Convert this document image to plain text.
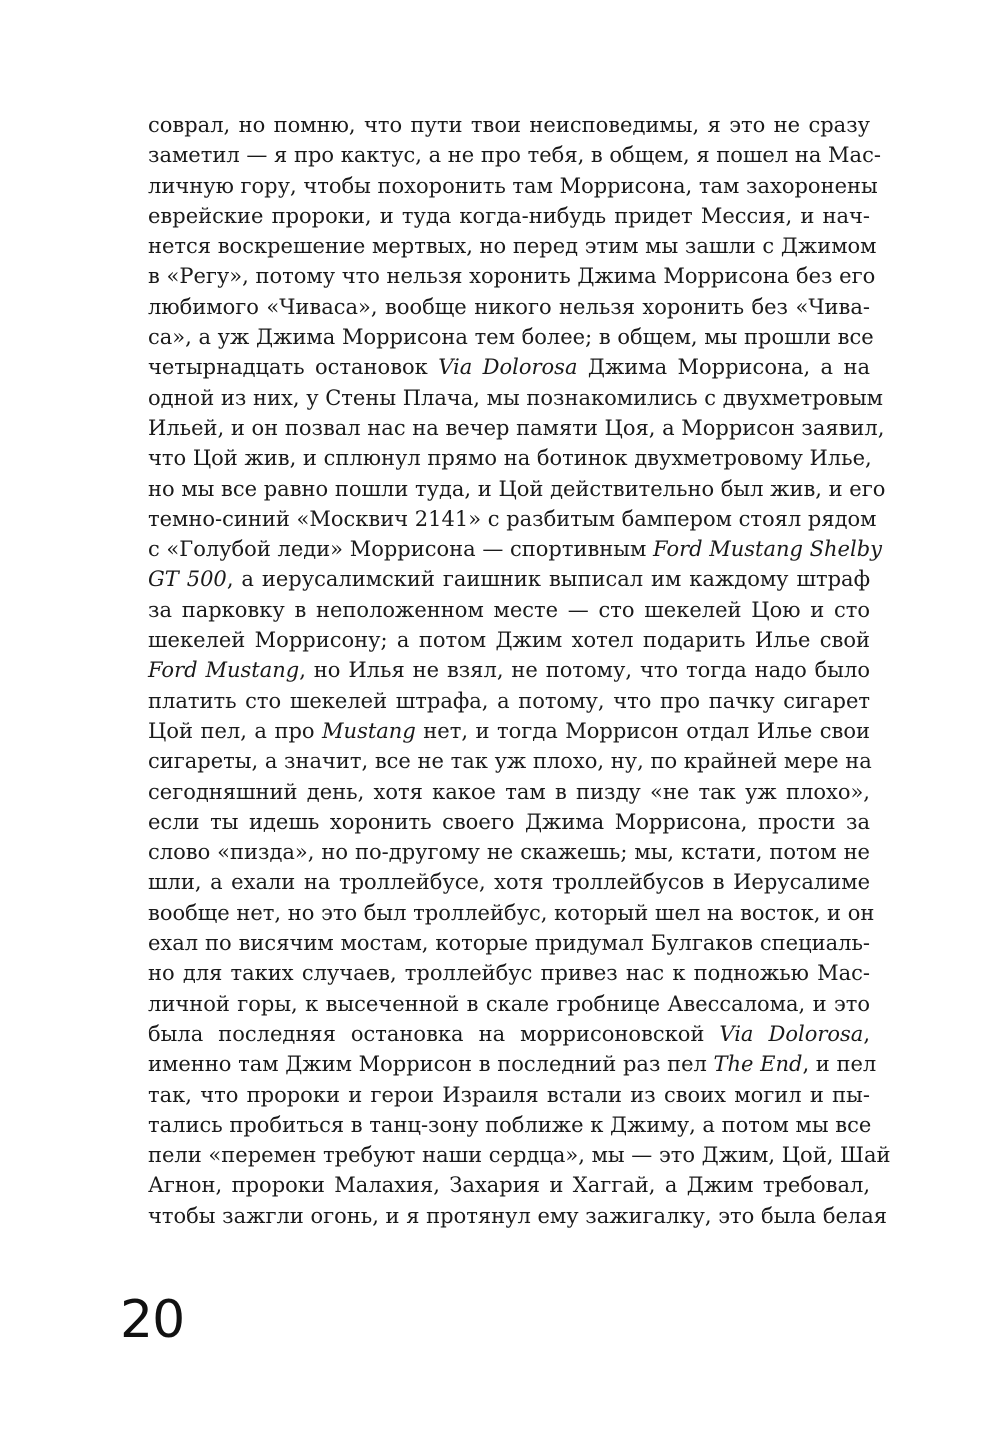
соврал, но помню, что пути твои неисповедимы, я это не сразу
заметил — я про кактус, а не про тебя, в общем, я пошел на Мас-
личную гору, чтобы похоронить там Моррисона, там захоронены
еврейские пророки, и туда когда-нибудь придет Мессия, и нач-
нется воскрешение мертвых, но перед этим мы зашли с Джимом
в «Регу», потому что нельзя хоронить Джима Моррисона без его
любимого «Чиваса», вообще никого нельзя хоронить без «Чива-
са», а уж Джима Моррисона тем более; в общем, мы прошли все
четырнадцать остановок Via Dolorosa Джима Моррисона, а на
одной из них, у Стены Плача, мы познакомились с двухметровым
Ильей, и он позвал нас на вечер памяти Цоя, а Моррисон заявил,
что Цой жив, и сплюнул прямо на ботинок двухметровому Илье,
но мы все равно пошли туда, и Цой действительно был жив, и его
темно-синий «Москвич 2141» с разбитым бампером стоял рядом
с «Голубой леди» Моррисона — спортивным Ford Mustang Shelby
GT 500, а иерусалимский гаишник выписал им каждому штраф
за парковку в неположенном месте — сто шекелей Цою и сто
шекелей Моррисону; а потом Джим хотел подарить Илье свой
Ford Mustang, но Илья не взял, не потому, что тогда надо было
платить сто шекелей штрафа, а потому, что про пачку сигарет
Цой пел, а про Mustang нет, и тогда Моррисон отдал Илье свои
сигареты, а значит, все не так уж плохо, ну, по крайней мере на
сегодняшний день, хотя какое там в пизду «не так уж плохо»,
если ты идешь хоронить своего Джима Моррисона, прости за
слово «пизда», но по-другому не скажешь; мы, кстати, потом не
шли, а ехали на троллейбусе, хотя троллейбусов в Иерусалиме
вообще нет, но это был троллейбус, который шел на восток, и он
ехал по висячим мостам, которые придумал Булгаков специаль-
но для таких случаев, троллейбус привез нас к подножью Мас-
личной горы, к высеченной в скале гробнице Авессалома, и это
была последняя остановка на моррисоновской Via Dolorosa,
именно там Джим Моррисон в последний раз пел The End, и пел
так, что пророки и герои Израиля встали из своих могил и пы-
тались пробиться в танц-зону поближе к Джиму, а потом мы все
пели «перемен требуют наши сердца», мы — это Джим, Цой, Шай
Агнон, пророки Малахия, Захария и Хаггай, а Джим требовал,
чтобы зажгли огонь, и я протянул ему зажигалку, это была белая
20
